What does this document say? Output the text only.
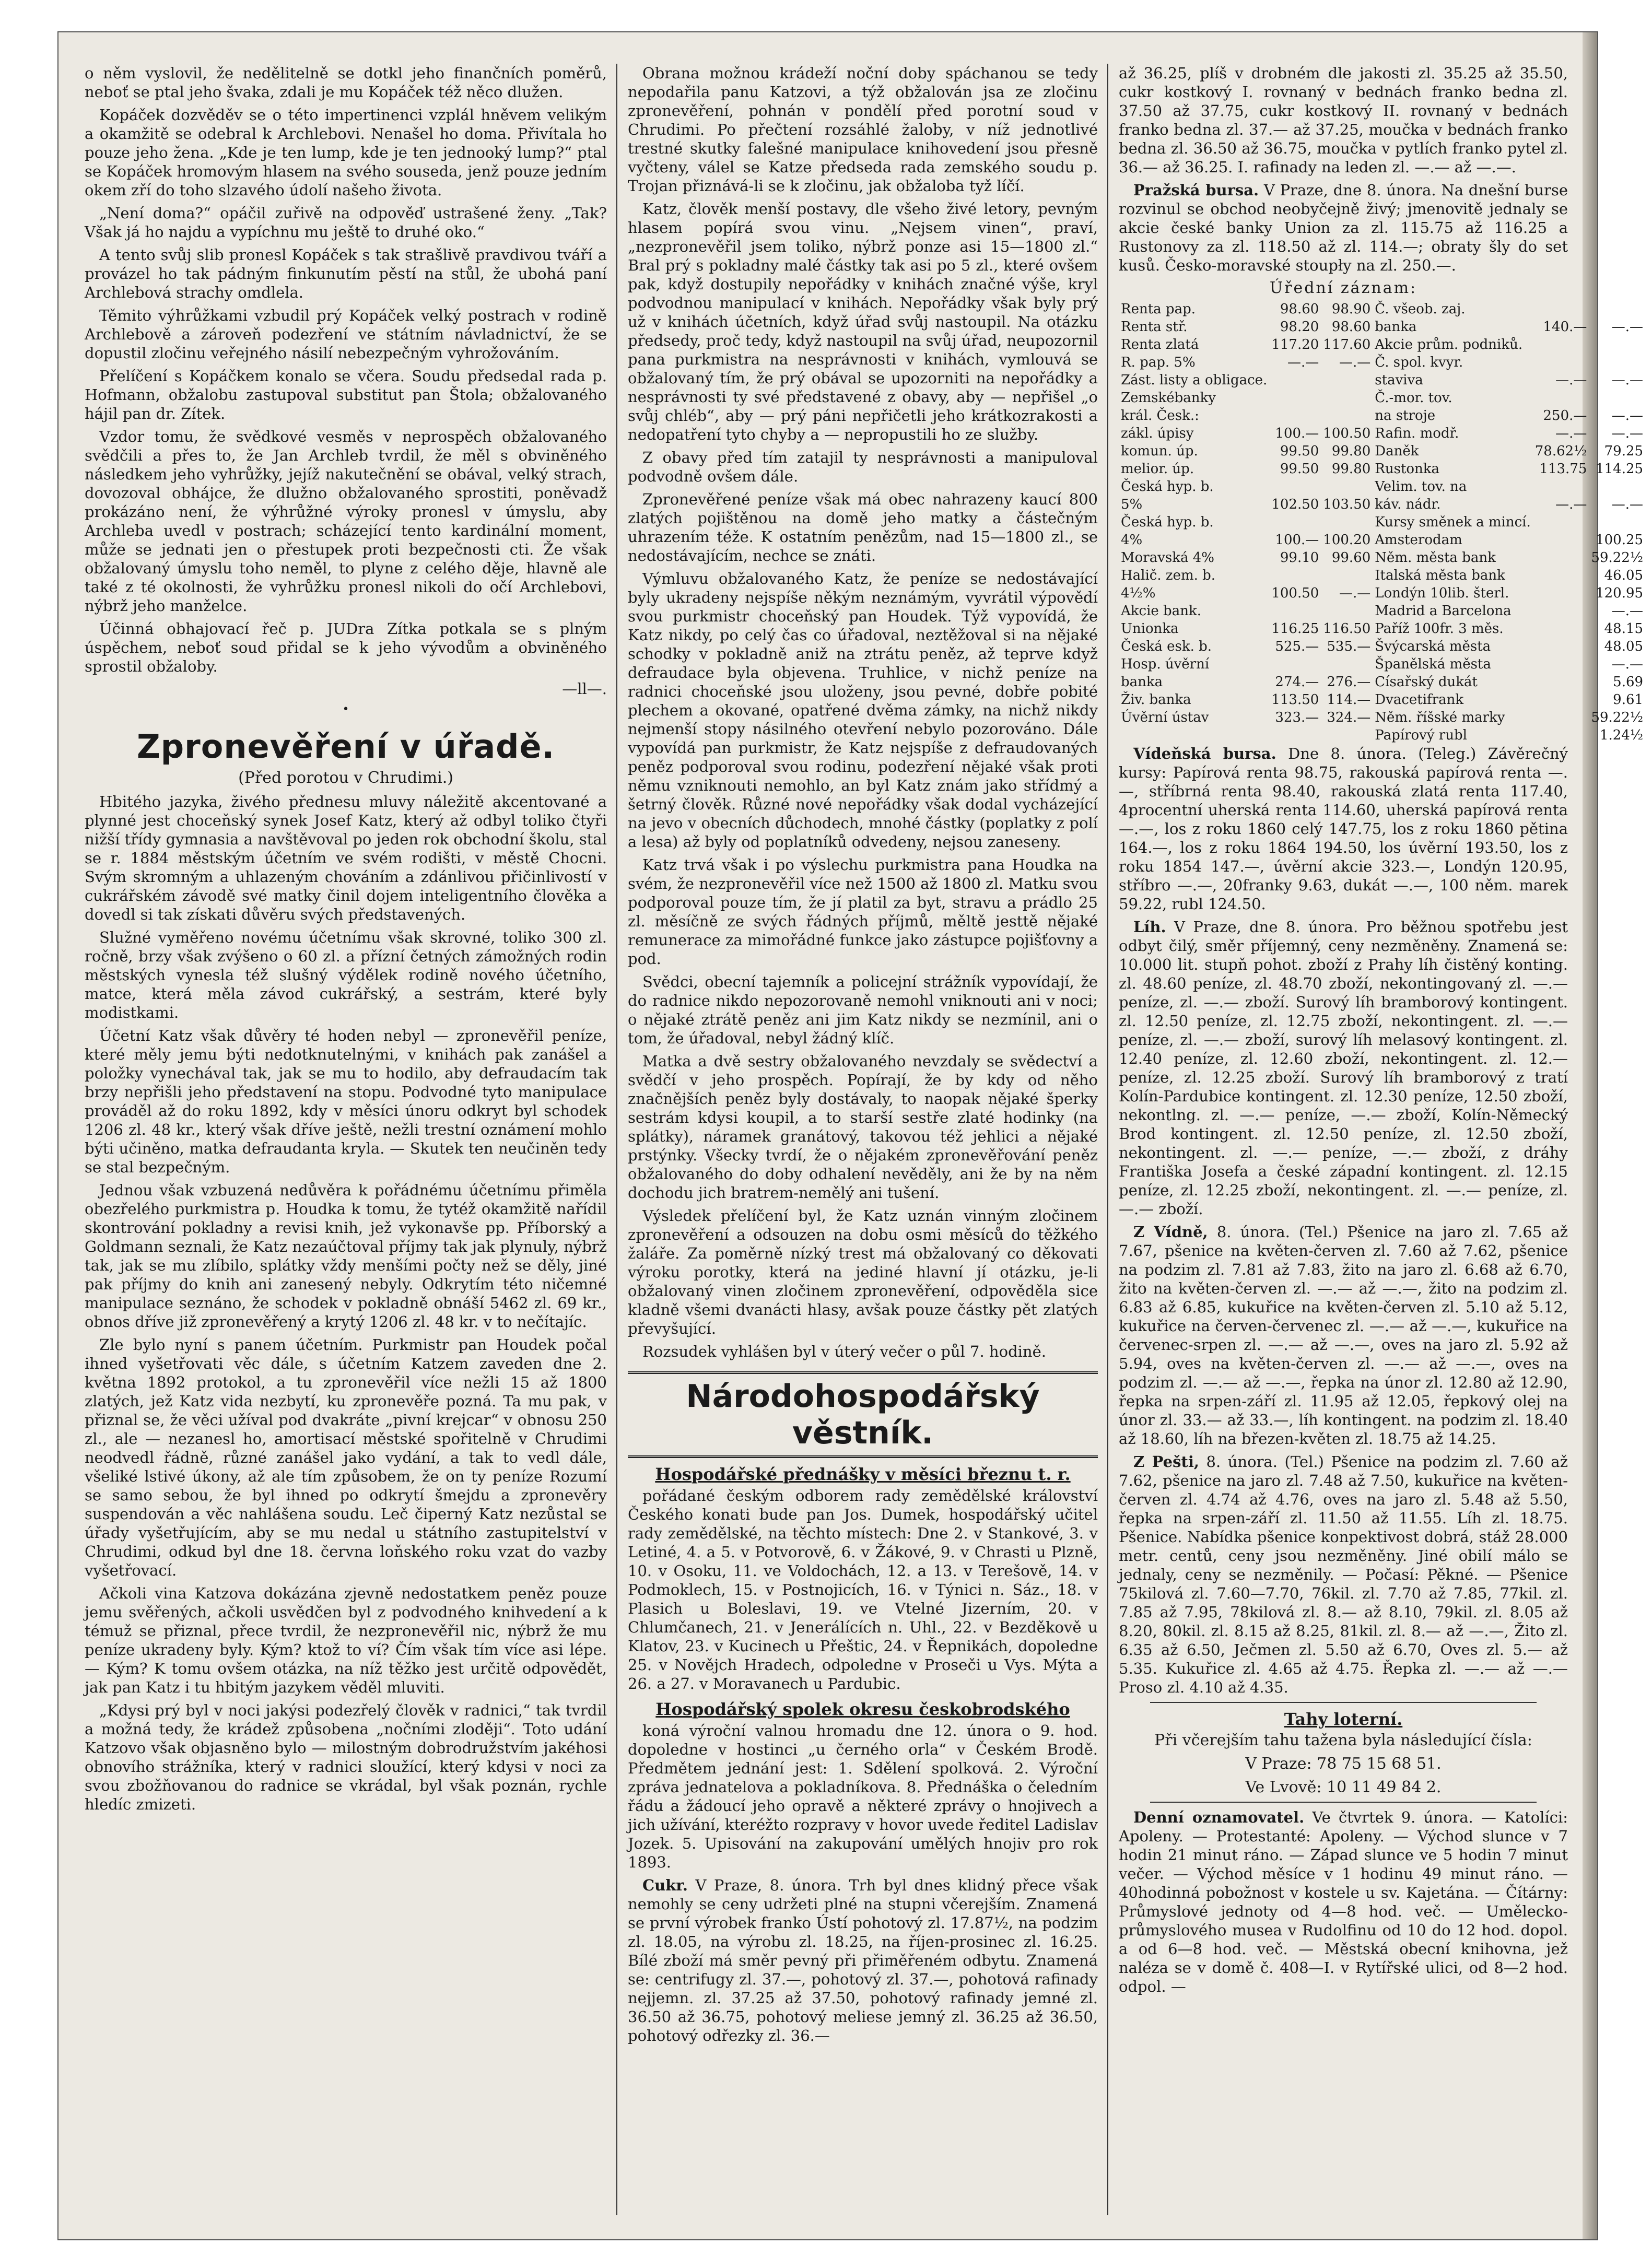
o něm vyslovil, že nedělitelně se dotkl jeho finančních poměrů, neboť se ptal jeho švaka, zdali je mu Kopáček též něco dlužen.

Kopáček dozvěděv se o této impertinenci vzplál hněvem velikým a okamžitě se odebral k Archlebovi. Nenašel ho doma. Přivítala ho pouze jeho žena. „Kde je ten lump, kde je ten jednooký lump?“ ptal se Kopáček hromovým hlasem na svého souseda, jenž pouze jedním okem zří do toho slzavého údolí našeho života.

„Není doma?“ opáčil zuřivě na odpověď ustrašené ženy. „Tak? Však já ho najdu a vypíchnu mu ještě to druhé oko.“

A tento svůj slib pronesl Kopáček s tak strašlivě pravdivou tváří a provázel ho tak pádným finkunutím pěstí na stůl, že ubohá paní Archlebová strachy omdlela.

Těmito výhrůžkami vzbudil prý Kopáček velký postrach v rodině Archlebově a zároveň podezření ve státním návladnictví, že se dopustil zločinu veřejného násilí nebezpečným vyhrožováním.

Přelíčení s Kopáčkem konalo se včera. Soudu předsedal rada p. Hofmann, obžalobu zastupoval substitut pan Štola; obžalovaného hájil pan dr. Zítek.

Vzdor tomu, že svědkové vesměs v neprospěch obžalovaného svědčili a přes to, že Jan Archleb tvrdil, že měl s obviněného následkem jeho vyhrůžky, jejíž nakutečnění se obával, velký strach, dovozoval obhájce, že dlužno obžalovaného sprostiti, poněvadž prokázáno není, že výhrůžné výroky pronesl v úmyslu, aby Archleba uvedl v postrach; scházející tento kardinální moment, může se jednati jen o přestupek proti bezpečnosti cti. Že však obžalovaný úmyslu toho neměl, to plyne z celého děje, hlavně ale také z té okolnosti, že vyhrůžku pronesl nikoli do očí Archlebovi, nýbrž jeho manželce.

Účinná obhajovací řeč p. JUDra Zítka potkala se s plným úspěchem, neboť soud přidal se k jeho vývodům a obviněného sprostil obžaloby.

—ll—.
•
Zpronevěření v úřadě.
(Před porotou v Chrudimi.)

Hbitého jazyka, živého přednesu mluvy náležitě akcentované a plynné jest choceňský synek Josef Katz, který až odbyl toliko čtyři nižší třídy gymnasia a navštěvoval po jeden rok obchodní školu, stal se r. 1884 městským účetním ve svém rodišti, v městě Chocni. Svým skromným a uhlazeným chováním a zdánlivou přičinlivostí v cukrářském závodě své matky činil dojem inteligentního člověka a dovedl si tak získati důvěru svých představených.

Služné vyměřeno novému účetnímu však skrovné, toliko 300 zl. ročně, brzy však zvýšeno o 60 zl. a přízní četných zámožných rodin městských vynesla též slušný výdělek rodině nového účetního, matce, která měla závod cukrářský, a sestrám, které byly modistkami.

Účetní Katz však důvěry té hoden nebyl — zpronevěřil peníze, které měly jemu býti nedotknutelnými, v knihách pak zanášel a položky vynechával tak, jak se mu to hodilo, aby defraudacím tak brzy nepřišli jeho představení na stopu. Podvodné tyto manipulace prováděl až do roku 1892, kdy v měsíci únoru odkryt byl schodek 1206 zl. 48 kr., který však dříve ještě, nežli trestní oznámení mohlo býti učiněno, matka defraudanta kryla. — Skutek ten neučiněn tedy se stal bezpečným.

Jednou však vzbuzená nedůvěra k pořádnému účetnímu přiměla obezřelého purkmistra p. Houdka k tomu, že tytéž okamžitě nařídil skontrování pokladny a revisi knih, jež vykonavše pp. Příborský a Goldmann seznali, že Katz nezaúčtoval příjmy tak jak plynuly, nýbrž tak, jak se mu zlíbilo, splátky vždy menšími počty než se děly, jiné pak příjmy do knih ani zanesený nebyly. Odkrytím této ničemné manipulace seznáno, že schodek v pokladně obnáší 5462 zl. 69 kr., obnos dříve již zpronevěřený a krytý 1206 zl. 48 kr. v to nečítajíc.

Zle bylo nyní s panem účetním. Purkmistr pan Houdek počal ihned vyšetřovati věc dále, s účetním Katzem zaveden dne 2. května 1892 protokol, a tu zpronevěřil více nežli 15 až 1800 zlatých, jež Katz vida nezbytí, ku zpronevěře pozná. Ta mu pak, v přiznal se, že věci užíval pod dvakráte „pivní krejcar“ v obnosu 250 zl., ale — nezanesl ho, amortisací městské spořitelně v Chrudimi neodvedl řádně, různé zanášel jako vydání, a tak to vedl dále, všeliké lstivé úkony, až ale tím způsobem, že on ty peníze Rozumí se samo sebou, že byl ihned po odkrytí šmejdu a zpronevěry suspendován a věc nahlášena soudu. Leč čiperný Katz nezůstal se úřady vyšetřujícím, aby se mu nedal u státního zastupitelství v Chrudimi, odkud byl dne 18. června loňského roku vzat do vazby vyšetřovací.

Ačkoli vina Katzova dokázána zjevně nedostatkem peněz pouze jemu svěřených, ačkoli usvědčen byl z podvodného knihvedení a k témuž se přiznal, přece tvrdil, že nezpronevěřil nic, nýbrž že mu peníze ukradeny byly. Kým? ktož to ví? Čím však tím více asi lépe. — Kým? K tomu ovšem otázka, na níž těžko jest určitě odpovědět, jak pan Katz i tu hbitým jazykem věděl mluviti.

„Kdysi prý byl v noci jakýsi podezřelý člověk v radnici,“ tak tvrdil a možná tedy, že krádež způsobena „nočními zloději“. Toto udání Katzovo však objasněno bylo — milostným dobrodružstvím jakéhosi obnovího strážníka, který v radnici sloužící, který kdysi v noci za svou zbožňovanou do radnice se vkrádal, byl však poznán, rychle hledíc zmizeti.

Obrana možnou krádeží noční doby spáchanou se tedy nepodařila panu Katzovi, a týž obžalován jsa ze zločinu zpronevěření, pohnán v pondělí před porotní soud v Chrudimi. Po přečtení rozsáhlé žaloby, v níž jednotlivé trestné skutky falešné manipulace knihovedení jsou přesně vyčteny, válel se Katze předseda rada zemského soudu p. Trojan přiznává-li se k zločinu, jak obžaloba tyž líčí.

Katz, člověk menší postavy, dle všeho živé letory, pevným hlasem popírá svou vinu. „Nejsem vinen“, praví, „nezpronevěřil jsem toliko, nýbrž ponze asi 15—1800 zl.“ Bral prý s pokladny malé částky tak asi po 5 zl., které ovšem pak, když dostupily nepořádky v knihách značné výše, kryl podvodnou manipulací v knihách. Nepořádky však byly prý už v knihách účetních, když úřad svůj nastoupil. Na otázku předsedy, proč tedy, když nastoupil na svůj úřad, neupozornil pana purkmistra na nesprávnosti v knihách, vymlouvá se obžalovaný tím, že prý obával se upozorniti na nepořádky a nesprávnosti ty své představené z obavy, aby — nepřišel „o svůj chléb“, aby — prý páni nepřičetli jeho krátkozrakosti a nedopatření tyto chyby a — nepropustili ho ze služby.

Z obavy před tím zatajil ty nesprávnosti a manipuloval podvodně ovšem dále.

Zpronevěřené peníze však má obec nahrazeny kaucí 800 zlatých pojištěnou na domě jeho matky a částečným uhrazením téže. K ostatním penězům, nad 15—1800 zl., se nedostávajícím, nechce se znáti.

Výmluvu obžalovaného Katz, že peníze se nedostávající byly ukradeny nejspíše někým neznámým, vyvrátil výpovědí svou purkmistr choceňský pan Houdek. Týž vypovídá, že Katz nikdy, po celý čas co úřadoval, neztěžoval si na nějaké schodky v pokladně aniž na ztrátu peněz, až teprve když defraudace byla objevena. Truhlice, v nichž peníze na radnici choceňské jsou uloženy, jsou pevné, dobře pobité plechem a okované, opatřené dvěma zámky, na nichž nikdy nejmenší stopy násilného otevření nebylo pozorováno. Dále vypovídá pan purkmistr, že Katz nejspíše z defraudovaných peněz podporoval svou rodinu, podezření nějaké však proti němu vzniknouti nemohlo, an byl Katz znám jako střídmý a šetrný člověk. Různé nové nepořádky však dodal vycházející na jevo v obecních důchodech, mnohé částky (poplatky z polí a lesa) až byly od poplatníků odvedeny, nejsou zaneseny.

Katz trvá však i po výslechu purkmistra pana Houdka na svém, že nezpronevěřil více než 1500 až 1800 zl. Matku svou podporoval pouze tím, že jí platil za byt, stravu a prádlo 25 zl. měsíčně ze svých řádných příjmů, měltě jesttě nějaké remunerace za mimořádné funkce jako zástupce pojišťovny a pod.

Svědci, obecní tajemník a policejní strážník vypovídají, že do radnice nikdo nepozorovaně nemohl vniknouti ani v noci; o nějaké ztrátě peněz ani jim Katz nikdy se nezmínil, ani o tom, že úřadoval, nebyl žádný klíč.

Matka a dvě sestry obžalovaného nevzdaly se svědectví a svědčí v jeho prospěch. Popírají, že by kdy od něho značnějších peněz byly dostávaly, to naopak nějaké šperky sestrám kdysi koupil, a to starší sestře zlaté hodinky (na splátky), náramek granátový, takovou též jehlici a nějaké prstýnky. Všecky tvrdí, že o nějakém zpronevěřování peněz obžalovaného do doby odhalení nevěděly, ani že by na něm dochodu jich bratrem-nemělý ani tušení.

Výsledek přelíčení byl, že Katz uznán vinným zločinem zpronevěření a odsouzen na dobu osmi měsíců do těžkého žaláře. Za poměrně nízký trest má obžalovaný co děkovati výroku porotky, která na jediné hlavní jí otázku, je-li obžalovaný vinen zločinem zpronevěření, odpověděla sice kladně všemi dvanácti hlasy, avšak pouze částky pět zlatých převyšující.

Rozsudek vyhlášen byl v úterý večer o půl 7. hodině.

Národohospodářský věstník.
Hospodářské přednášky v měsíci březnu t. r.

pořádané českým odborem rady zemědělské království Českého konati bude pan Jos. Dumek, hospodářský učitel rady zemědělské, na těchto místech: Dne 2. v Stankové, 3. v Letiné, 4. a 5. v Potvorově, 6. v Žákové, 9. v Chrasti u Plzně, 10. v Osoku, 11. ve Voldochách, 12. a 13. v Terešově, 14. v Podmoklech, 15. v Postnojicích, 16. v Týnici n. Sáz., 18. v Plasich u Boleslavi, 19. ve Vtelné Jizerním, 20. v Chlumčanech, 21. v Jenerálících n. Uhl., 22. v Bezděkově u Klatov, 23. v Kucinech u Přeštic, 24. v Řepnikách, dopoledne 25. v Novějch Hradech, odpoledne v Proseči u Vys. Mýta a 26. a 27. v Moravanech u Pardubic.

Hospodářský spolek okresu českobrodského

koná výroční valnou hromadu dne 12. února o 9. hod. dopoledne v hostinci „u černého orla“ v Českém Brodě. Předmětem jednání jest: 1. Sdělení spolková. 2. Výroční zpráva jednatelova a pokladníkova. 8. Přednáška o čeledním řádu a žádoucí jeho opravě a některé zprávy o hnojivech a jich užívání, kteréžto rozpravy v hovor uvede ředitel Ladislav Jozek. 5. Upisování na zakupování umělých hnojiv pro rok 1893.

Cukr. V Praze, 8. února. Trh byl dnes klidný přece však nemohly se ceny udržeti plné na stupni včerejším. Znamená se první výrobek franko Ústí pohotový zl. 17.87½, na podzim zl. 18.05, na výrobu zl. 18.25, na říjen-prosinec zl. 16.25. Bílé zboží má směr pevný při přiměřeném odbytu. Znamená se: centrifugy zl. 37.—, pohotový zl. 37.—, pohotová rafinady nejjemn. zl. 37.25 až 37.50, pohotový rafinady jemné zl. 36.50 až 36.75, pohotový meliese jemný zl. 36.25 až 36.50, pohotový odřezky zl. 36.—

až 36.25, plíš v drobném dle jakosti zl. 35.25 až 35.50, cukr kostkový I. rovnaný v bednách franko bedna zl. 37.50 až 37.75, cukr kostkový II. rovnaný v bednách franko bedna zl. 37.— až 37.25, moučka v bednách franko bedna zl. 36.50 až 36.75, moučka v pytlích franko pytel zl. 36.— až 36.25. I. rafinady na leden zl. —.— až —.—.

Pražská bursa. V Praze, dne 8. února. Na dnešní burse rozvinul se obchod neobyčejně živý; jmenovitě jednaly se akcie české banky Union za zl. 115.75 až 116.25 a Rustonovy za zl. 118.50 až zl. 114.—; obraty šly do set kusů. Česko-moravské stoupły na zl. 250.—.

Úřední záznam:
Renta pap.	98.60	98.90	Č. všeob. zaj.		
Renta stř.	98.20	98.60	banka	140.—	—.—
Renta zlatá	117.20	117.60	Akcie prům. podniků.		
R. pap. 5%	—.—	—.—	Č. spol. kvyr.		
Zást. listy a obligace.			staviva	—.—	—.—
Zemskébanky			Č.-mor. tov.		
král. Česk.:			na stroje	250.—	—.—
zákl. úpisy	100.—	100.50	Rafin. modř.	—.—	—.—
komun. úp.	99.50	99.80	Daněk	78.62½	79.25
melior. úp.	99.50	99.80	Rustonka	113.75	114.25
Česká hyp. b.			Velim. tov. na		
5%	102.50	103.50	káv. nádr.	—.—	—.—
Česká hyp. b.			Kursy směnek a mincí.		
4%	100.—	100.20	Amsterodam		100.25
Moravská 4%	99.10	99.60	Něm. města bank		59.22½
Halič. zem. b.			Italská města bank		46.05
4½%	100.50	—.—	Londýn 10lib. šterl.		120.95
Akcie bank.			Madrid a Barcelona		—.—
Unionka	116.25	116.50	Paříž 100fr. 3 měs.		48.15
Česká esk. b.	525.—	535.—	Švýcarská města		48.05
Hosp. úvěrní			Španělská města		—.—
banka	274.—	276.—	Císařský dukát		5.69
Živ. banka	113.50	114.—	Dvacetifrank		9.61
Úvěrní ústav	323.—	324.—	Něm. říšské marky		59.22½
			Papírový rubl		1.24½

Vídeňská bursa. Dne 8. února. (Teleg.) Závěrečný kursy: Papírová renta 98.75, rakouská papírová renta —.—, stříbrná renta 98.40, rakouská zlatá renta 117.40, 4procentní uherská renta 114.60, uherská papírová renta —.—, los z roku 1860 celý 147.75, los z roku 1860 pětina 164.—, los z roku 1864 194.50, los úvěrní 193.50, los z roku 1854 147.—, úvěrní akcie 323.—, Londýn 120.95, stříbro —.—, 20franky 9.63, dukát —.—, 100 něm. marek 59.22, rubl 124.50.

Líh. V Praze, dne 8. února. Pro běžnou spotřebu jest odbyt čilý, směr příjemný, ceny nezměněny. Znamená se: 10.000 lit. stupň pohot. zboží z Prahy líh čistěný konting. zl. 48.60 peníze, zl. 48.70 zboží, nekontingovaný zl. —.— peníze, zl. —.— zboží. Surový líh bramborový kontingent. zl. 12.50 peníze, zl. 12.75 zboží, nekontingent. zl. —.— peníze, zl. —.— zboží, surový líh melasový kontingent. zl. 12.40 peníze, zl. 12.60 zboží, nekontingent. zl. 12.— peníze, zl. 12.25 zboží. Surový líh bramborový z tratí Kolín-Pardubice kontingent. zl. 12.30 peníze, 12.50 zboží, nekontlng. zl. —.— peníze, —.— zboží, Kolín-Německý Brod kontingent. zl. 12.50 peníze, zl. 12.50 zboží, nekontingent. zl. —.— peníze, —.— zboží, z dráhy Františka Josefa a české západní kontingent. zl. 12.15 peníze, zl. 12.25 zboží, nekontingent. zl. —.— peníze, zl. —.— zboží.

Z Vídně, 8. února. (Tel.) Pšenice na jaro zl. 7.65 až 7.67, pšenice na květen-červen zl. 7.60 až 7.62, pšenice na podzim zl. 7.81 až 7.83, žito na jaro zl. 6.68 až 6.70, žito na květen-červen zl. —.— až —.—, žito na podzim zl. 6.83 až 6.85, kukuřice na květen-červen zl. 5.10 až 5.12, kukuřice na červen-červenec zl. —.— až —.—, kukuřice na červenec-srpen zl. —.— až —.—, oves na jaro zl. 5.92 až 5.94, oves na květen-červen zl. —.— až —.—, oves na podzim zl. —.— až —.—, řepka na únor zl. 12.80 až 12.90, řepka na srpen-září zl. 11.95 až 12.05, řepkový olej na únor zl. 33.— až 33.—, líh kontingent. na podzim zl. 18.40 až 18.60, líh na březen-květen zl. 18.75 až 14.25.

Z Pešti, 8. února. (Tel.) Pšenice na podzim zl. 7.60 až 7.62, pšenice na jaro zl. 7.48 až 7.50, kukuřice na květen-červen zl. 4.74 až 4.76, oves na jaro zl. 5.48 až 5.50, řepka na srpen-září zl. 11.50 až 11.55. Líh zl. 18.75. Pšenice. Nabídka pšenice konpektivost dobrá, stáž 28.000 metr. centů, ceny jsou nezměněny. Jiné obilí málo se jednaly, ceny se nezměnily. — Počasí: Pěkné. — Pšenice 75kilová zl. 7.60—7.70, 76kil. zl. 7.70 až 7.85, 77kil. zl. 7.85 až 7.95, 78kilová zl. 8.— až 8.10, 79kil. zl. 8.05 až 8.20, 80kil. zl. 8.15 až 8.25, 81kil. zl. 8.— až —.—, Žito zl. 6.35 až 6.50, Ječmen zl. 5.50 až 6.70, Oves zl. 5.— až 5.35. Kukuřice zl. 4.65 až 4.75. Řepka zl. —.— až —.— Proso zl. 4.10 až 4.35.

Tahy loterní.
Při včerejším tahu tažena byla následující čísla:
V Praze: 78 75 15 68 51.
Ve Lvově: 10 11 49 84 2.

Denní oznamovatel. Ve čtvrtek 9. února. — Katolíci: Apoleny. — Protestanté: Apoleny. — Východ slunce v 7 hodin 21 minut ráno. — Západ slunce ve 5 hodin 7 minut večer. — Východ měsíce v 1 hodinu 49 minut ráno. — 40hodinná pobožnost v kostele u sv. Kajetána. — Čítárny: Průmyslové jednoty od 4—8 hod. več. — Umělecko-průmyslového musea v Rudolfinu od 10 do 12 hod. dopol. a od 6—8 hod. več. — Městská obecní knihovna, jež naléza se v domě č. 408—I. v Rytířské ulici, od 8—2 hod. odpol. —
